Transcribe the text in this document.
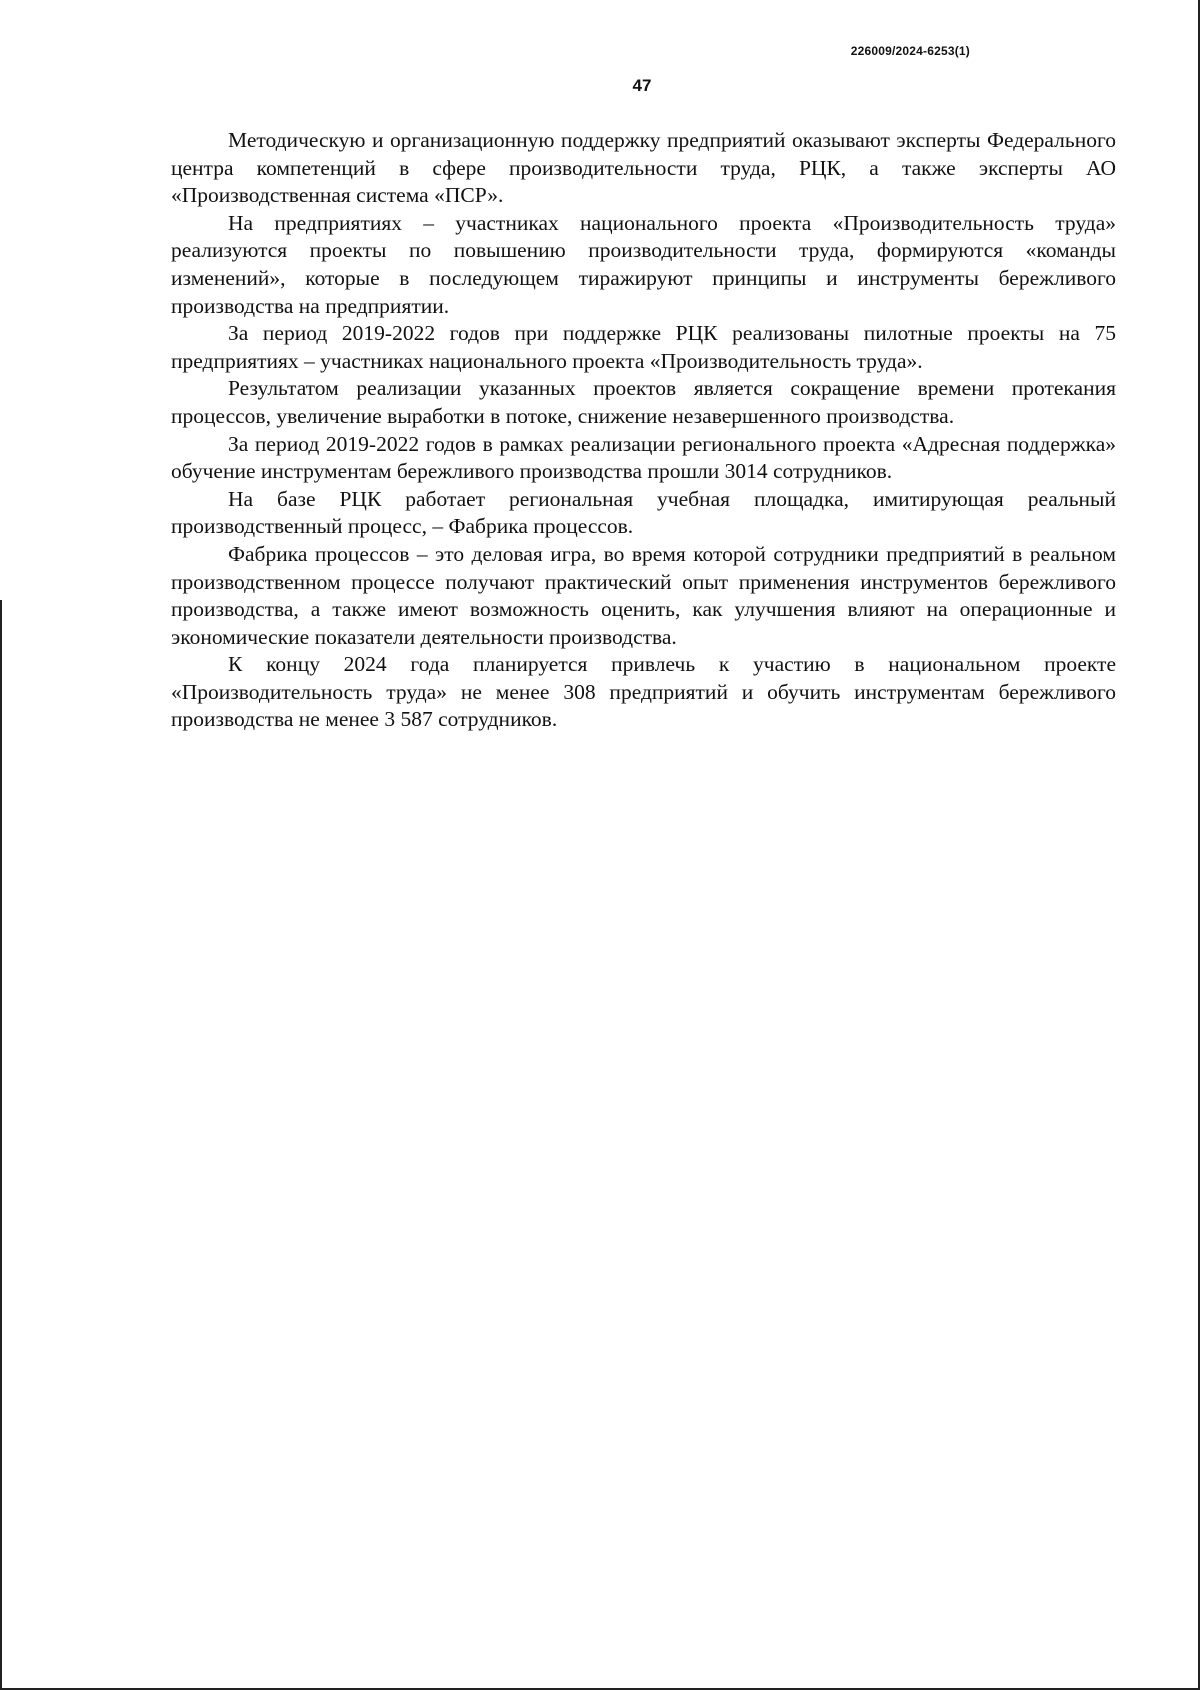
226009/2024-6253(1)
47

Методическую и организационную поддержку предприятий оказывают эксперты Федерального центра компетенций в сфере производительности труда, РЦК, а также эксперты АО «Производственная система «ПСР».

На предприятиях – участниках национального проекта «Производительность труда» реализуются проекты по повышению производительности труда, формируются «команды изменений», которые в последующем тиражируют принципы и инструменты бережливого производства на предприятии.

За период 2019-2022 годов при поддержке РЦК реализованы пилотные проекты на 75 предприятиях – участниках национального проекта «Производительность труда».

Результатом реализации указанных проектов является сокращение времени протекания процессов, увеличение выработки в потоке, снижение незавершенного производства.

За период 2019-2022 годов в рамках реализации регионального проекта «Адресная поддержка» обучение инструментам бережливого производства прошли 3014 сотрудников.

На базе РЦК работает региональная учебная площадка, имитирующая реальный производственный процесс, – Фабрика процессов.

Фабрика процессов – это деловая игра, во время которой сотрудники предприятий в реальном производственном процессе получают практический опыт применения инструментов бережливого производства, а также имеют возможность оценить, как улучшения влияют на операционные и экономические показатели деятельности производства.

К концу 2024 года планируется привлечь к участию в национальном проекте «Производительность труда» не менее 308 предприятий и обучить инструментам бережливого производства не менее 3 587 сотрудников.
